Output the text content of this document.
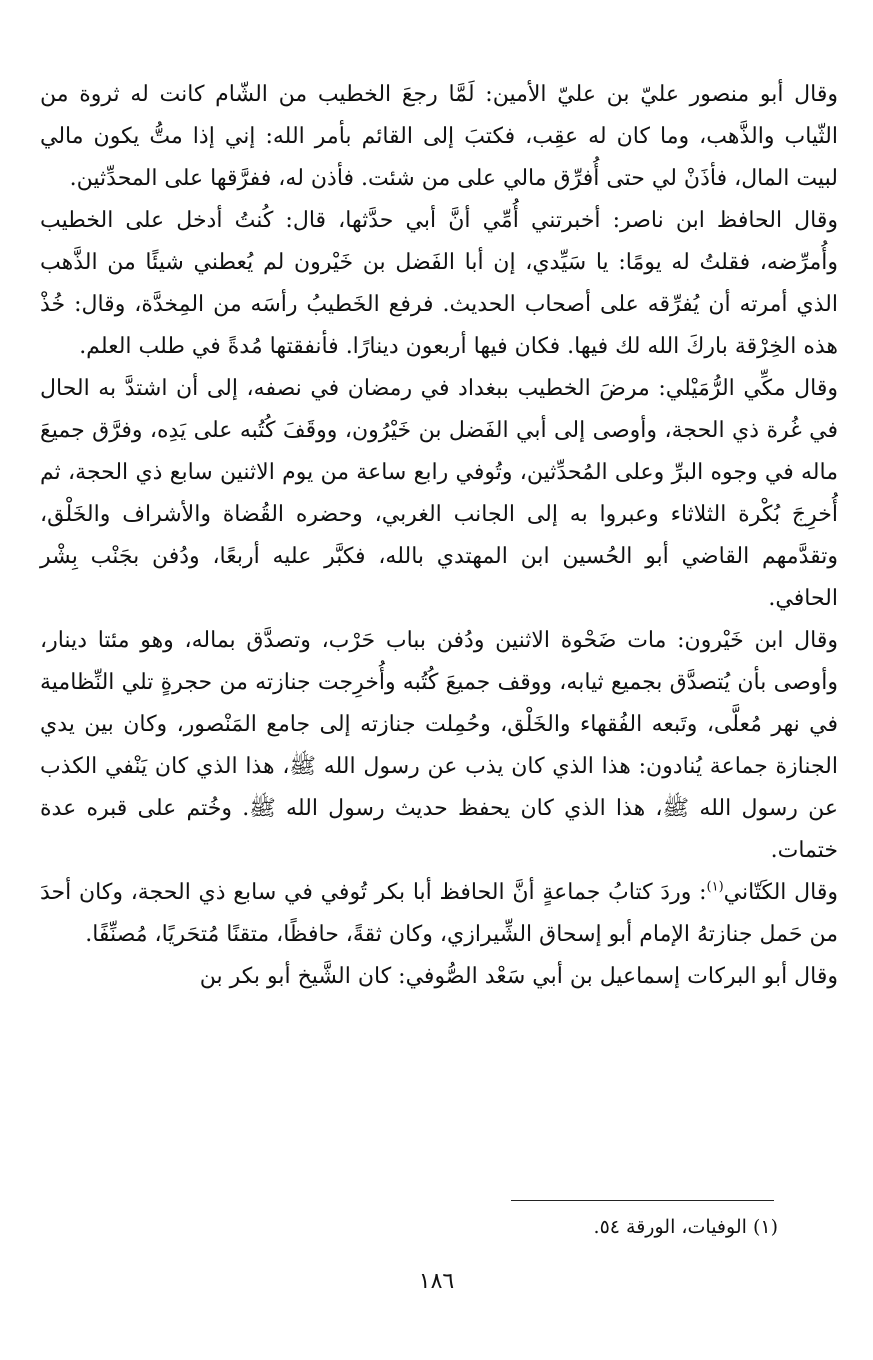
وقال أبو منصور عليّ بن عليّ الأمين: لَمَّا رجعَ الخطيب من الشّام كانت له ثروة من الثّياب والذَّهب، وما كان له عقِب، فكتبَ إلى القائم بأمر الله: إني إذا متُّ يكون مالي لبيت المال، فأذَنْ لي حتى أُفرِّق مالي على من شئت. فأذن له، ففرَّقها على المحدِّثين.

وقال الحافظ ابن ناصر: أخبرتني أُمِّي أنَّ أبي حدَّثها، قال: كُنتُ أدخل على الخطيب وأُمرِّضه، فقلتُ له يومًا: يا سَيِّدي، إن أبا الفَضل بن خَيْرون لم يُعطني شيئًا من الذَّهب الذي أمرته أن يُفرِّقه على أصحاب الحديث. فرفع الخَطيبُ رأسَه من المِخدَّة، وقال: خُذْ هذه الخِرْقة باركَ الله لك فيها. فكان فيها أربعون دينارًا. فأنفقتها مُدةً في طلب العلم.

وقال مكِّي الرُّمَيْلي: مرضَ الخطيب ببغداد في رمضان في نصفه، إلى أن اشتدَّ به الحال في غُرة ذي الحجة، وأوصى إلى أبي الفَضل بن خَيْرُون، ووقَفَ كُتُبه على يَدِه، وفرَّق جميعَ ماله في وجوه البرِّ وعلى المُحدِّثين، وتُوفي رابع ساعة من يوم الاثنين سابع ذي الحجة، ثم أُخرِجَ بُكْرة الثلاثاء وعبروا به إلى الجانب الغربي، وحضره القُضاة والأشراف والخَلْق، وتقدَّمهم القاضي أبو الحُسين ابن المهتدي بالله، فكبَّر عليه أربعًا، ودُفن بجَنْب بِشْر الحافي.

وقال ابن خَيْرون: مات ضَحْوة الاثنين ودُفن بباب حَرْب، وتصدَّق بماله، وهو مئتا دينار، وأوصى بأن يُتصدَّق بجميع ثيابه، ووقف جميعَ كُتُبه وأُخرِجت جنازته من حجرةٍ تلي النِّظامية في نهر مُعلَّى، وتَبعه الفُقهاء والخَلْق، وحُمِلت جنازته إلى جامع المَنْصور، وكان بين يدي الجنازة جماعة يُنادون: هذا الذي كان يذب عن رسول الله ﷺ، هذا الذي كان يَنْفي الكذب عن رسول الله ﷺ، هذا الذي كان يحفظ حديث رسول الله ﷺ. وخُتم على قبره عدة ختمات.

وقال الكَتّاني$^{(١)}$: وردَ كتابُ جماعةٍ أنَّ الحافظ أبا بكر تُوفي في سابع ذي الحجة، وكان أحدَ من حَمل جنازتهُ الإمام أبو إسحاق الشِّيرازي، وكان ثقةً، حافظًا، متقنًا مُتحَريًا، مُصنِّفًا.

وقال أبو البركات إسماعيل بن أبي سَعْد الصُّوفي: كان الشَّيخ أبو بكر بن

(١) الوفيات، الورقة ٥٤.
١٨٦
